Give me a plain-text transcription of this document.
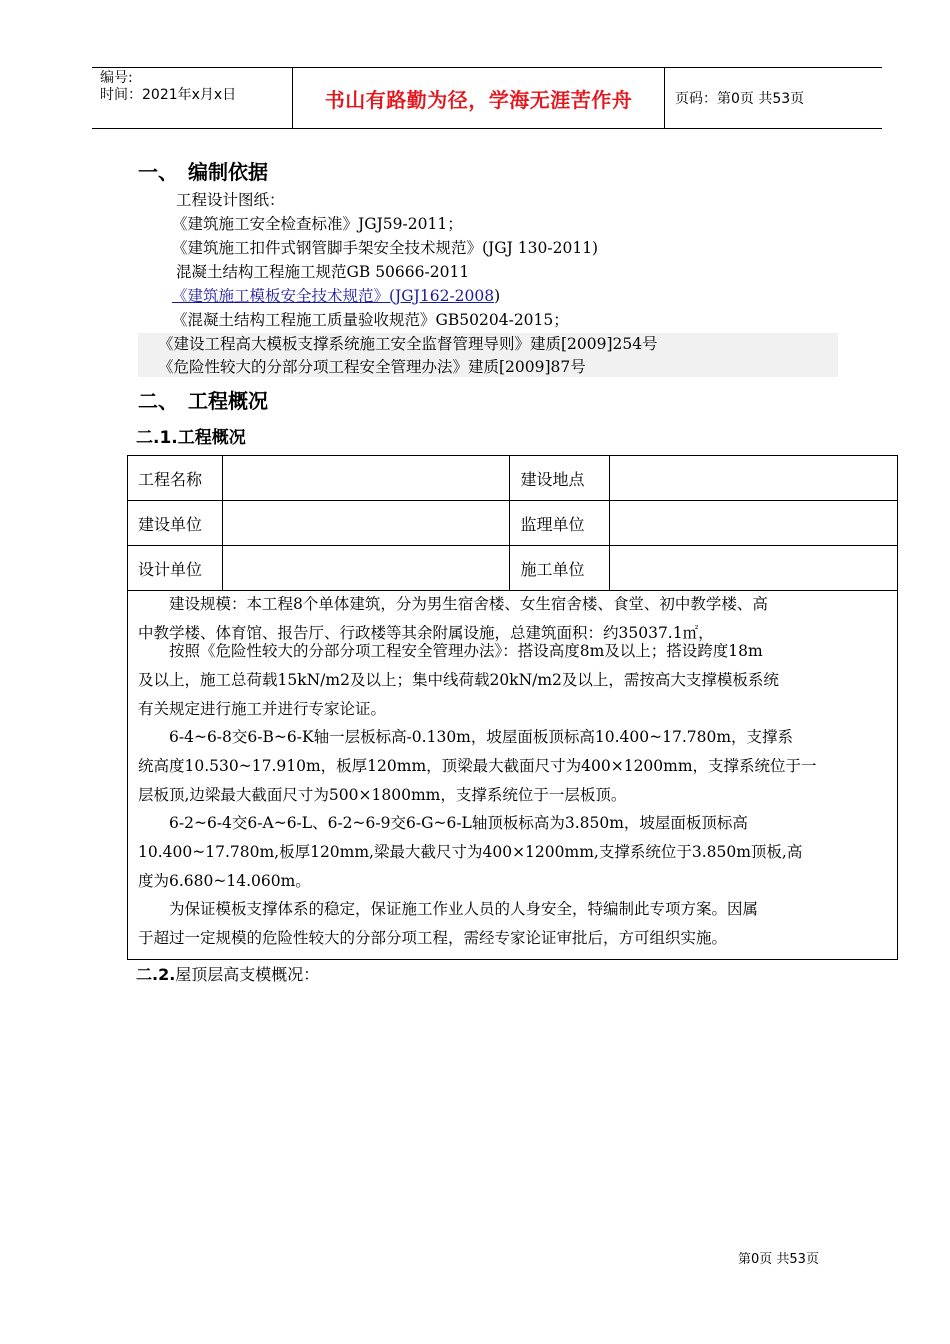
编号:
时间：2021年x月x日	书山有路勤为径，学海无涯苦作舟	页码：第0页 共53页
一、 编制依据
工程设计图纸：
《建筑施工安全检查标准》JGJ59-2011；
《建筑施工扣件式钢管脚手架安全技术规范》(JGJ 130-2011)
混凝土结构工程施工规范GB 50666-2011
《建筑施工模板安全技术规范》(JGJ162-2008)
《混凝土结构工程施工质量验收规范》GB50204-2015；
《建设工程高大模板支撑系统施工安全监督管理导则》建质[2009]254号
《危险性较大的分部分项工程安全管理办法》建质[2009]87号
二、 工程概况
二.1.工程概况
工程名称		建设地点	
建设单位		监理单位	
设计单位		施工单位	
　　建设规模：本工程8个单体建筑，分为男生宿舍楼、女生宿舍楼、食堂、初中教学楼、高
中教学楼、体育馆、报告厅、行政楼等其余附属设施，总建筑面积：约35037.1㎡，
　　按照《危险性较大的分部分项工程安全管理办法》：搭设高度8m及以上；搭设跨度18m
及以上，施工总荷载15kN/m2及以上；集中线荷载20kN/m2及以上，需按高大支撑模板系统
有关规定进行施工并进行专家论证。
　　6-4~6-8交6-B~6-K轴一层板标高-0.130m，坡屋面板顶标高10.400~17.780m，支撑系
统高度10.530~17.910m，板厚120mm，顶梁最大截面尺寸为400×1200mm，支撑系统位于一
层板顶,边梁最大截面尺寸为500×1800mm，支撑系统位于一层板顶。
　　6-2~6-4交6-A~6-L、6-2~6-9交6-G~6-L轴顶板标高为3.850m，坡屋面板顶标高
10.400~17.780m,板厚120mm,梁最大截尺寸为400×1200mm,支撑系统位于3.850m顶板,高
度为6.680~14.060m。
　　为保证模板支撑体系的稳定，保证施工作业人员的人身安全，特编制此专项方案。因属
于超过一定规模的危险性较大的分部分项工程，需经专家论证审批后，方可组织实施。
二.2.屋顶层高支模概况：
第0页 共53页
